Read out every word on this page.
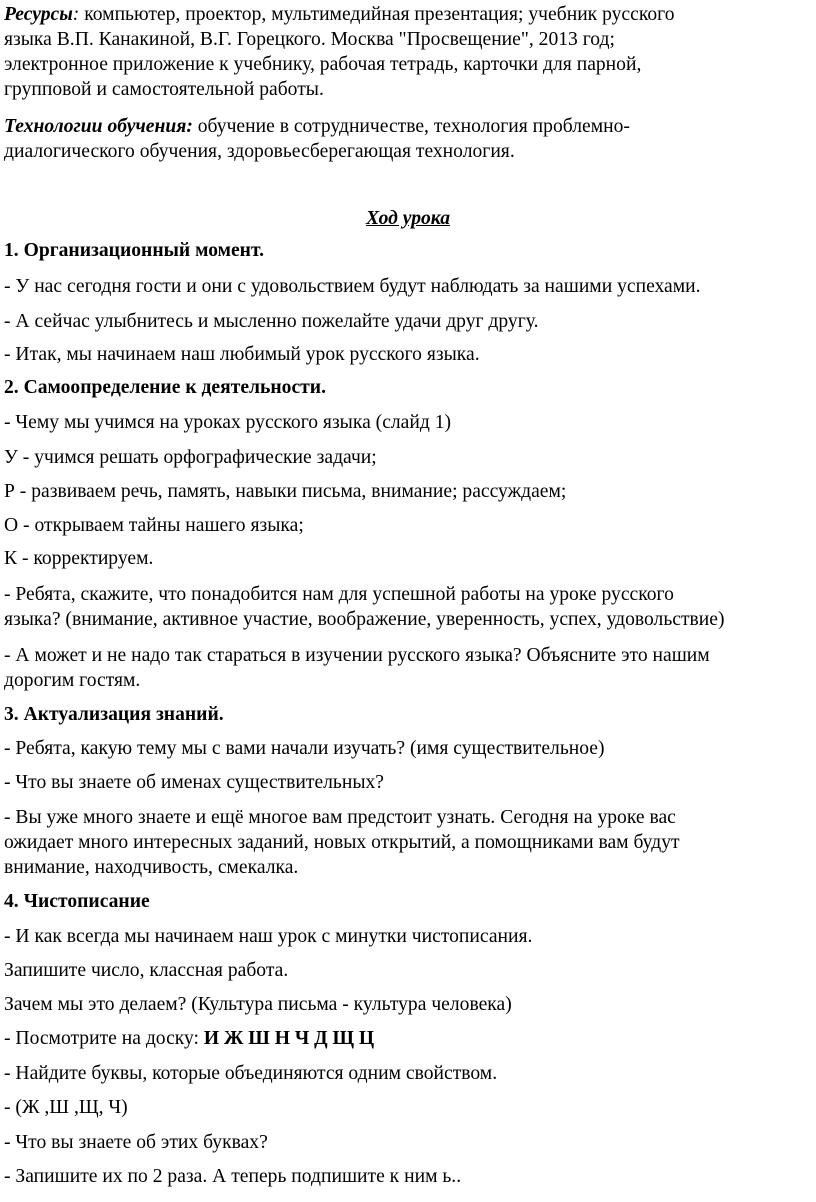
Ресурсы: компьютер, проектор, мультимедийная презентация; учебник русского
языка В.П. Канакиной, В.Г. Горецкого. Москва "Просвещение", 2013 год;
электронное приложение к учебнику, рабочая тетрадь, карточки для парной,
групповой и самостоятельной работы.
Технологии обучения: обучение в сотрудничестве, технология проблемно-
диалогического обучения, здоровьесберегающая технология.
Ход урока
1. Организационный момент.
- У нас сегодня гости и они с удовольствием будут наблюдать за нашими успехами.
- А сейчас улыбнитесь и мысленно пожелайте удачи друг другу.
- Итак, мы начинаем наш любимый урок русского языка.
2. Самоопределение к деятельности.
- Чему мы учимся на уроках русского языка (слайд 1)
У - учимся решать орфографические задачи;
Р - развиваем речь, память, навыки письма, внимание; рассуждаем;
О - открываем тайны нашего языка;
К - корректируем.
- Ребята, скажите, что понадобится нам для успешной работы на уроке русского
языка? (внимание, активное участие, воображение, уверенность, успех, удовольствие)
- А может и не надо так стараться в изучении русского языка? Объясните это нашим
дорогим гостям.
3. Актуализация знаний.
- Ребята, какую тему мы с вами начали изучать? (имя существительное)
- Что вы знаете об именах существительных?
- Вы уже много знаете и ещё многое вам предстоит узнать. Сегодня на уроке вас
ожидает много интересных заданий, новых открытий, а помощниками вам будут
внимание, находчивость, смекалка.
4. Чистописание
- И как всегда мы начинаем наш урок с минутки чистописания.
Запишите число, классная работа.
Зачем мы это делаем? (Культура письма - культура человека)
- Посмотрите на доску: И Ж Ш Н Ч Д Щ Ц
- Найдите буквы, которые объединяются одним свойством.
- (Ж ,Ш ,Щ, Ч)
- Что вы знаете об этих буквах?
- Запишите их по 2 раза. А теперь подпишите к ним ь..
